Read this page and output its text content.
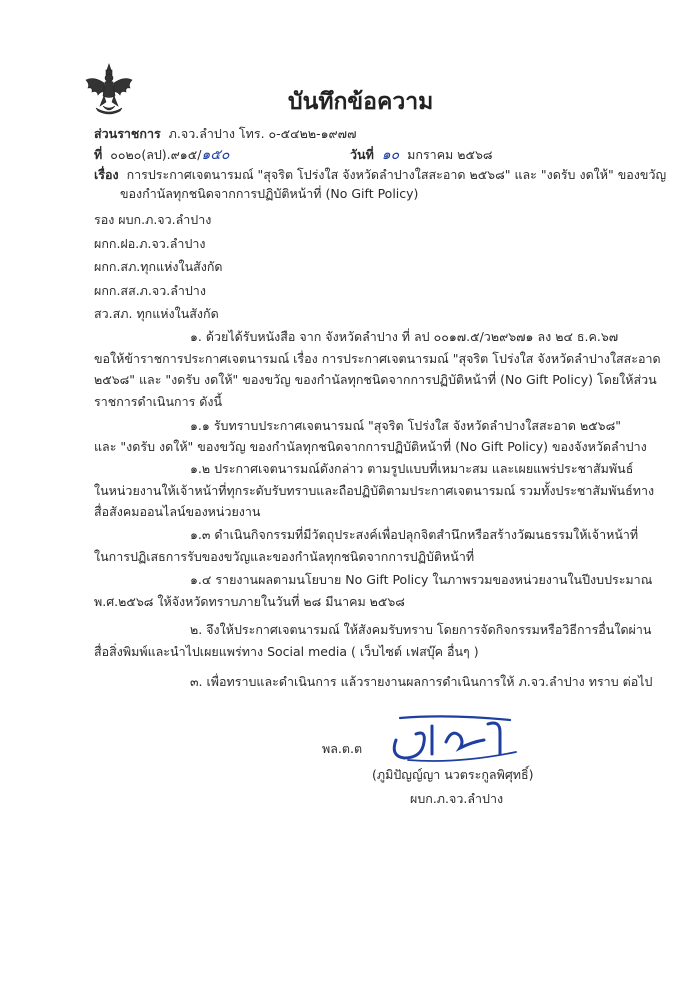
บันทึกข้อความ
ส่วนราชการ ภ.จว.ลำปาง โทร. ๐-๕๔๒๒-๑๙๗๗
ที่ ๐๐๒๐(ลป).๙๑๕/๑๕๐	วันที่ ๑๐ มกราคม ๒๕๖๘
เรื่อง การประกาศเจตนารมณ์ "สุจริต โปร่งใส จังหวัดลำปางใสสะอาด ๒๕๖๘" และ "งดรับ งดให้" ของขวัญ
ของกำนัลทุกชนิดจากการปฏิบัติหน้าที่ (No Gift Policy)
รอง ผบก.ภ.จว.ลำปาง
ผกก.ฝอ.ภ.จว.ลำปาง
ผกก.สภ.ทุกแห่งในสังกัด
ผกก.สส.ภ.จว.ลำปาง
สว.สภ. ทุกแห่งในสังกัด
๑. ด้วยได้รับหนังสือ จาก จังหวัดลำปาง ที่ ลป ๐๐๑๗.๕/ว๒๙๖๗๑ ลง ๒๔ ธ.ค.๖๗
ขอให้ข้าราชการประกาศเจตนารมณ์ เรื่อง การประกาศเจตนารมณ์ "สุจริต โปร่งใส จังหวัดลำปางใสสะอาด
๒๕๖๘" และ "งดรับ งดให้" ของขวัญ ของกำนัลทุกชนิดจากการปฏิบัติหน้าที่ (No Gift Policy) โดยให้ส่วน
ราชการดำเนินการ ดังนี้
๑.๑ รับทราบประกาศเจตนารมณ์ "สุจริต โปร่งใส จังหวัดลำปางใสสะอาด ๒๕๖๘"
และ "งดรับ งดให้" ของขวัญ ของกำนัลทุกชนิดจากการปฏิบัติหน้าที่ (No Gift Policy) ของจังหวัดลำปาง
๑.๒ ประกาศเจตนารมณ์ดังกล่าว ตามรูปแบบที่เหมาะสม และเผยแพร่ประชาสัมพันธ์
ในหน่วยงานให้เจ้าหน้าที่ทุกระดับรับทราบและถือปฏิบัติตามประกาศเจตนารมณ์ รวมทั้งประชาสัมพันธ์ทาง
สื่อสังคมออนไลน์ของหน่วยงาน
๑.๓ ดำเนินกิจกรรมที่มีวัตถุประสงค์เพื่อปลุกจิตสำนึกหรือสร้างวัฒนธรรมให้เจ้าหน้าที่
ในการปฏิเสธการรับของขวัญและของกำนัลทุกชนิดจากการปฏิบัติหน้าที่
๑.๔ รายงานผลตามนโยบาย No Gift Policy ในภาพรวมของหน่วยงานในปีงบประมาณ
พ.ศ.๒๕๖๘ ให้จังหวัดทราบภายในวันที่ ๒๘ มีนาคม ๒๕๖๘
๒. จึงให้ประกาศเจตนารมณ์ ให้สังคมรับทราบ โดยการจัดกิจกรรมหรือวิธีการอื่นใดผ่าน
สื่อสิ่งพิมพ์และนำไปเผยแพร่ทาง Social media ( เว็บไซต์ เฟสบุ๊ค อื่นๆ )
๓. เพื่อทราบและดำเนินการ แล้วรายงานผลการดำเนินการให้ ภ.จว.ลำปาง ทราบ ต่อไป
พล.ต.ต
(ภูมิปัญญ์ญา นวตระกูลพิศุทธิ์)
ผบก.ภ.จว.ลำปาง
